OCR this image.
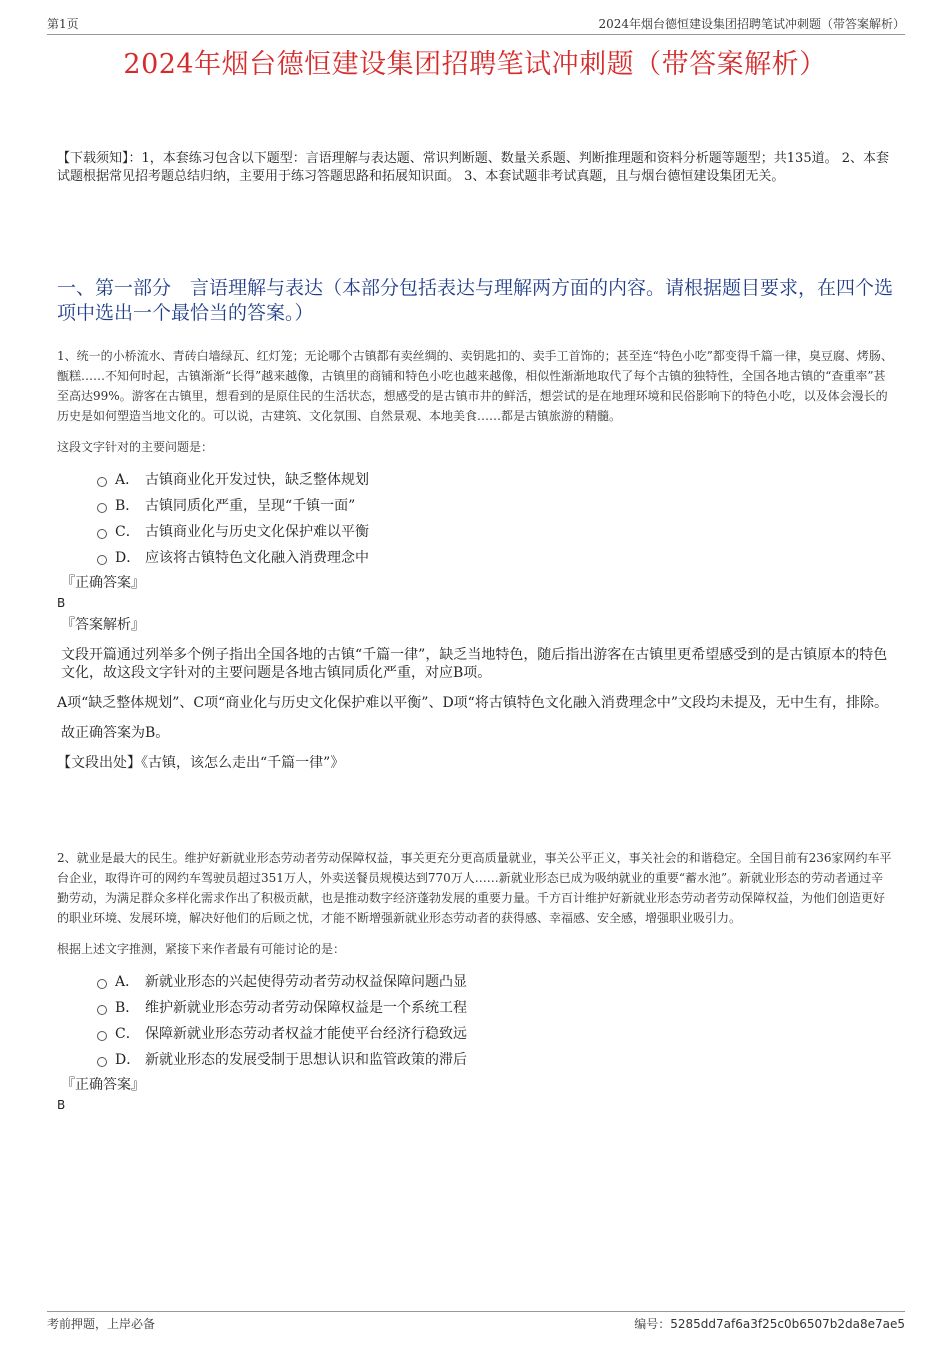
第1页	2024年烟台德恒建设集团招聘笔试冲刺题（带答案解析）
2024年烟台德恒建设集团招聘笔试冲刺题（带答案解析）
【下载须知】：1，本套练习包含以下题型：言语理解与表达题、常识判断题、数量关系题、判断推理题和资料分析题等题型；共135道。 2、本套试题根据常见招考题总结归纳，主要用于练习答题思路和拓展知识面。 3、本套试题非考试真题，且与烟台德恒建设集团无关。
一、第一部分　言语理解与表达（本部分包括表达与理解两方面的内容。请根据题目要求，在四个选项中选出一个最恰当的答案。）

1、统一的小桥流水、青砖白墙绿瓦、红灯笼；无论哪个古镇都有卖丝绸的、卖钥匙扣的、卖手工首饰的；甚至连“特色小吃”都变得千篇一律，臭豆腐、烤肠、甑糕……不知何时起，古镇渐渐“长得”越来越像，古镇里的商铺和特色小吃也越来越像，相似性渐渐地取代了每个古镇的独特性，全国各地古镇的“查重率”甚至高达99%。游客在古镇里，想看到的是原住民的生活状态，想感受的是古镇市井的鲜活，想尝试的是在地理环境和民俗影响下的特色小吃，以及体会漫长的历史是如何塑造当地文化的。可以说，古建筑、文化氛围、自然景观、本地美食……都是古镇旅游的精髓。

这段文字针对的主要问题是：

A． 古镇商业化开发过快，缺乏整体规划
B． 古镇同质化严重，呈现“千镇一面”
C． 古镇商业化与历史文化保护难以平衡
D． 应该将古镇特色文化融入消费理念中
『正确答案』
B
『答案解析』

文段开篇通过列举多个例子指出全国各地的古镇“千篇一律”，缺乏当地特色，随后指出游客在古镇里更希望感受到的是古镇原本的特色文化，故这段文字针对的主要问题是各地古镇同质化严重，对应B项。

A项“缺乏整体规划”、C项“商业化与历史文化保护难以平衡”、D项“将古镇特色文化融入消费理念中”文段均未提及，无中生有，排除。

故正确答案为B。

【文段出处】《古镇，该怎么走出“千篇一律”》

2、就业是最大的民生。维护好新就业形态劳动者劳动保障权益，事关更充分更高质量就业，事关公平正义，事关社会的和谐稳定。全国目前有236家网约车平台企业，取得许可的网约车驾驶员超过351万人，外卖送餐员规模达到770万人……新就业形态已成为吸纳就业的重要“蓄水池”。新就业形态的劳动者通过辛勤劳动，为满足群众多样化需求作出了积极贡献，也是推动数字经济蓬勃发展的重要力量。千方百计维护好新就业形态劳动者劳动保障权益，为他们创造更好的职业环境、发展环境，解决好他们的后顾之忧，才能不断增强新就业形态劳动者的获得感、幸福感、安全感，增强职业吸引力。

根据上述文字推测，紧接下来作者最有可能讨论的是：

A． 新就业形态的兴起使得劳动者劳动权益保障问题凸显
B． 维护新就业形态劳动者劳动保障权益是一个系统工程
C． 保障新就业形态劳动者权益才能使平台经济行稳致远
D． 新就业形态的发展受制于思想认识和监管政策的滞后
『正确答案』
B
考前押题，上岸必备	编号：5285dd7af6a3f25c0b6507b2da8e7ae5
